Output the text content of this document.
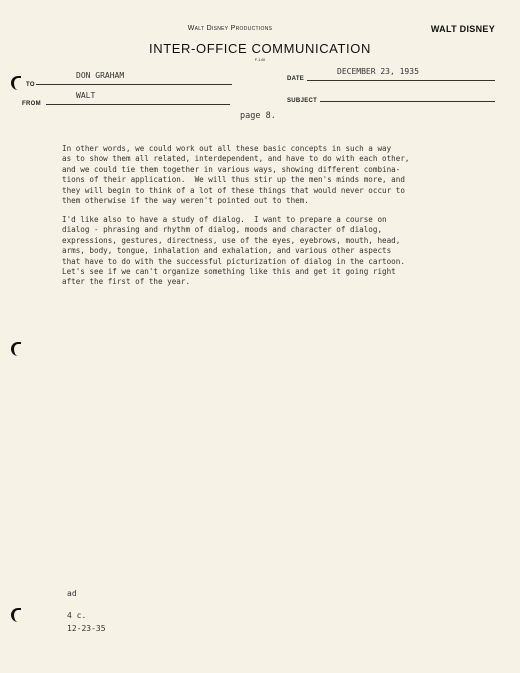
Walt Disney Productions	WALT DISNEY
INTER-OFFICE COMMUNICATION
F-140
TO
DON GRAHAM	DATE
DECEMBER 23, 1935
FROM
WALT
SUBJECT
page 8.
In other words, we could work out all these basic concepts in such a way
as to show them all related, interdependent, and have to do with each other,
and we could tie them together in various ways, showing different combina-
tions of their application.  We will thus stir up the men's minds more, and
they will begin to think of a lot of these things that would never occur to
them otherwise if the way weren't pointed out to them.
I'd like also to have a study of dialog.  I want to prepare a course on
dialog - phrasing and rhythm of dialog, moods and character of dialog,
expressions, gestures, directness, use of the eyes, eyebrows, mouth, head,
arms, body, tongue, inhalation and exhalation, and various other aspects
that have to do with the successful picturization of dialog in the cartoon.
Let's see if we can't organize something like this and get it going right
after the first of the year.
ad
4 c.
12-23-35
